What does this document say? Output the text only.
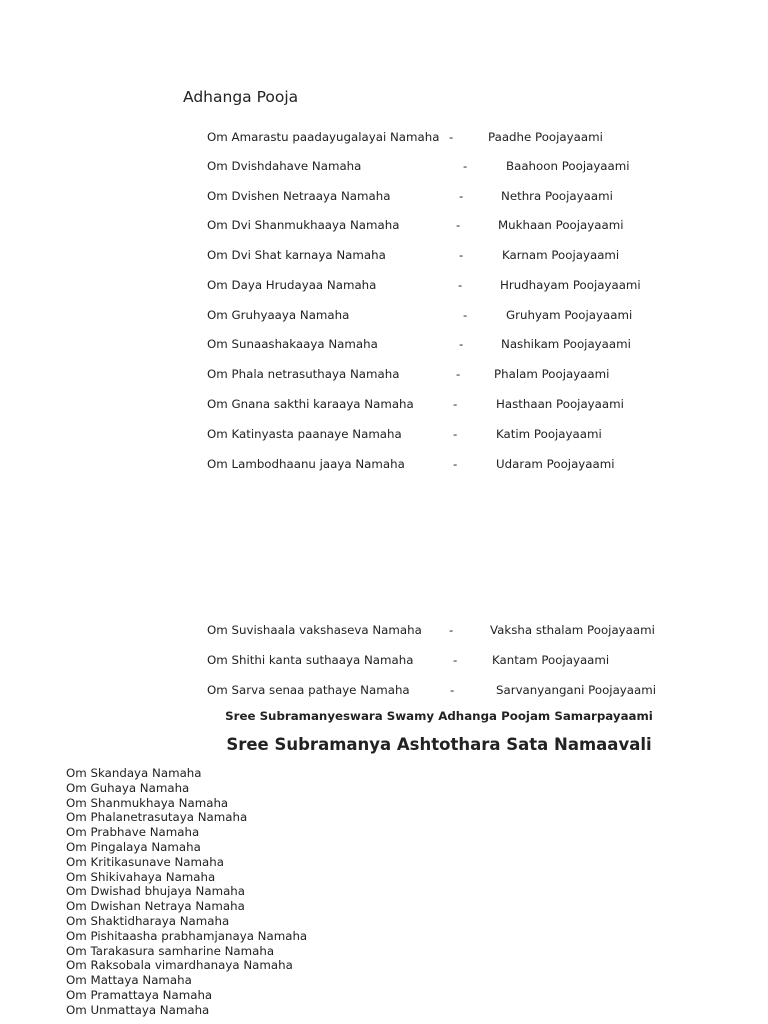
Adhanga Pooja
Om Amarastu paadayugalayai Namaha -	Paadhe Poojayaami
Om Dvishdahave Namaha	-	Baahoon Poojayaami
Om Dvishen Netraaya Namaha	-	Nethra Poojayaami
Om Dvi Shanmukhaaya Namaha	-	Mukhaan Poojayaami
Om Dvi Shat karnaya Namaha	-	Karnam Poojayaami
Om Daya Hrudayaa Namaha	-	Hrudhayam Poojayaami
Om Gruhyaaya Namaha	-	Gruhyam Poojayaami
Om Sunaashakaaya Namaha	-	Nashikam Poojayaami
Om Phala netrasuthaya Namaha	-	Phalam Poojayaami
Om Gnana sakthi karaaya Namaha	-	Hasthaan Poojayaami
Om Katinyasta paanaye Namaha	-	Katim Poojayaami
Om Lambodhaanu jaaya Namaha	-	Udaram Poojayaami
Om Suvishaala vakshaseva Namaha -	Vaksha sthalam Poojayaami
Om Shithi kanta suthaaya Namaha	-	Kantam Poojayaami
Om Sarva senaa pathaye Namaha	-	Sarvanyangani Poojayaami
Sree Subramanyeswara Swamy Adhanga Poojam Samarpayaami
Sree Subramanya Ashtothara Sata Namaavali
Om Skandaya Namaha
Om Guhaya Namaha
Om Shanmukhaya Namaha
Om Phalanetrasutaya Namaha
Om Prabhave Namaha
Om Pingalaya Namaha
Om Kritikasunave Namaha
Om Shikivahaya Namaha
Om Dwishad bhujaya Namaha
Om Dwishan Netraya Namaha
Om Shaktidharaya Namaha
Om Pishitaasha prabhamjanaya Namaha
Om Tarakasura samharine Namaha
Om Raksobala vimardhanaya Namaha
Om Mattaya Namaha
Om Pramattaya Namaha
Om Unmattaya Namaha
